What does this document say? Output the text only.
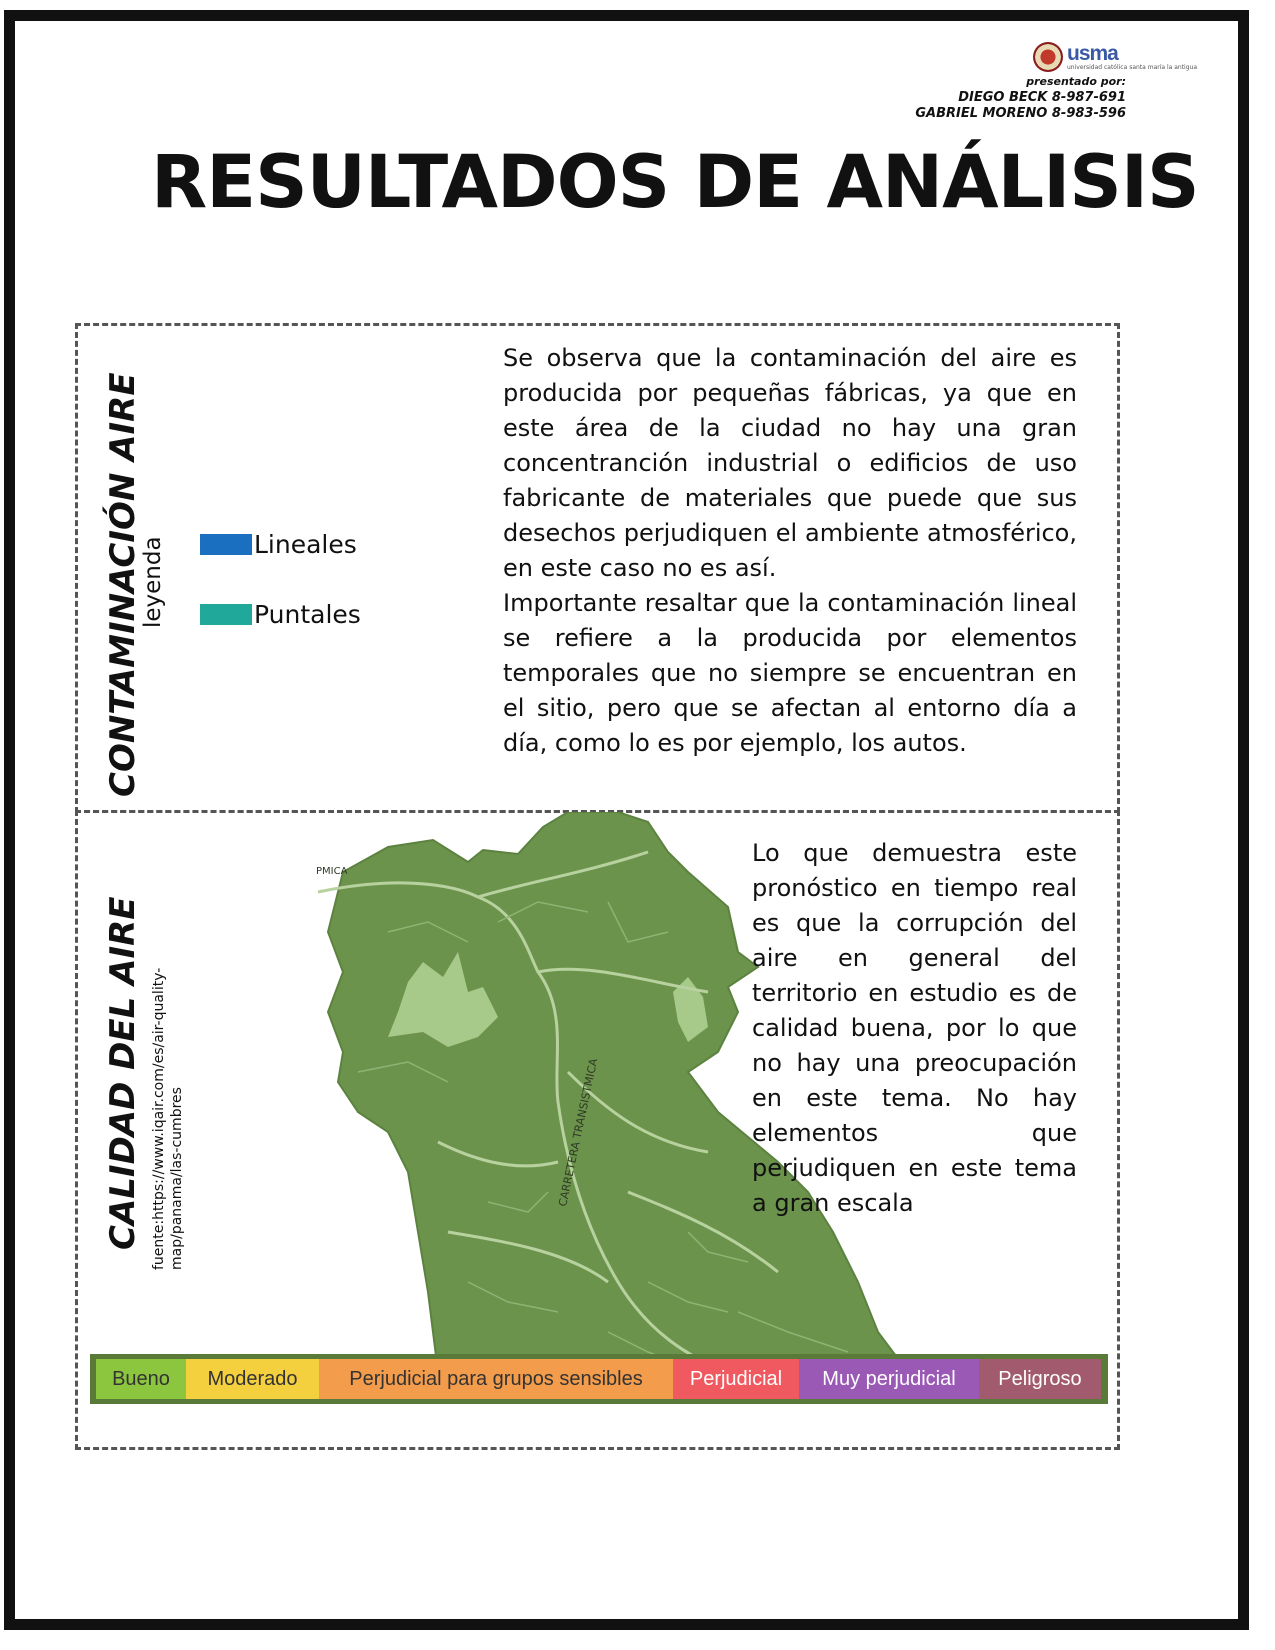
usma
universidad católica santa maría la antigua
presentado por:
DIEGO BECK 8-987-691
GABRIEL MORENO 8-983-596
RESULTADOS DE ANÁLISIS
CONTAMINACIÓN AIRE
leyenda	Lineales
Puntales

Se observa que la contaminación del aire es producida por pequeñas fábricas, ya que en este área de la ciudad no hay una gran concentranción industrial o edificios de uso fabricante de materiales que puede que sus desechos perjudiquen el ambiente atmosférico, en este caso no es así.

Importante resaltar que la contaminación lineal se refiere a la producida por elementos temporales que no siempre se encuentran en el sitio, pero que se afectan al entorno día a día, como lo es por ejemplo, los autos.

CARRETERA TRANSISTMICA
PMICA
CALIDAD DEL AIRE fuente:https://www.iqair.com/es/air-quality-map/panama/las-cumbres

Lo que demuestra este pronóstico en tiempo real es que la corrupción del aire en general del territorio en estudio es de calidad buena, por lo que no hay una preocupación en este tema. No hay elementos que perjudiquen en este tema a gran escala

Bueno	Moderado	Perjudicial para grupos sensibles	Perjudicial	Muy perjudicial	Peligroso
